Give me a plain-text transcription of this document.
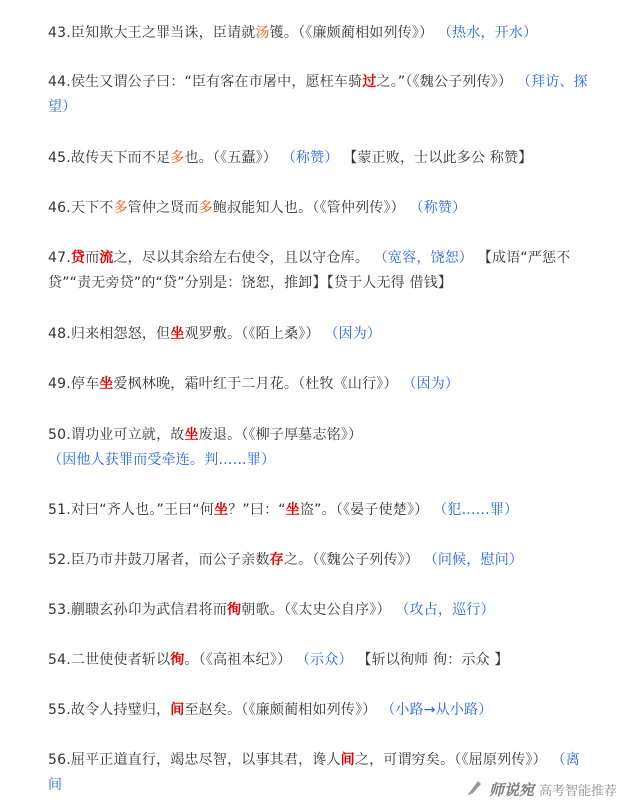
43.臣知欺大王之罪当诛，臣请就汤镬。（《廉颇蔺相如列传》） （热水，开水）
44.侯生又谓公子曰：“臣有客在市屠中，愿枉车骑过之。”（《魏公子列传》） （拜访、探望）
45.故传天下而不足多也。（《五蠹》） （称赞） 【蒙正败，士以此多公 称赞】
46.天下不多管仲之贤而多鲍叔能知人也。（《管仲列传》） （称赞）
47.贷而流之，尽以其余给左右使令，且以守仓库。 （宽容，饶恕） 【成语“严惩不贷”“责无旁贷”的“贷”分别是：饶恕，推卸】【贷于人无得 借钱】
48.归来相怨怒，但坐观罗敷。（《陌上桑》） （因为）
49.停车坐爱枫林晚，霜叶红于二月花。（杜牧《山行》） （因为）
50.谓功业可立就，故坐废退。（《柳子厚墓志铭》） （因他人获罪而受牵连。判……罪）
51.对曰“齐人也。”王曰“何坐？”曰：“坐盗”。（《晏子使楚》） （犯……罪）
52.臣乃市井鼓刀屠者，而公子亲数存之。（《魏公子列传》） （问候，慰问）
53.蒯聩玄孙卬为武信君将而徇朝歌。（《太史公自序》） （攻占，巡行）
54.二世使使者斩以徇。（《高祖本纪》） （示众） 【斩以徇师 徇：示众 】
55.故令人持璧归，间至赵矣。（《廉颇蔺相如列传》） （小路→从小路）
56.屈平正道直行，竭忠尽智，以事其君，谗人间之，可谓穷矣。（《屈原列传》） （离间	师说宛 高考智能推荐
